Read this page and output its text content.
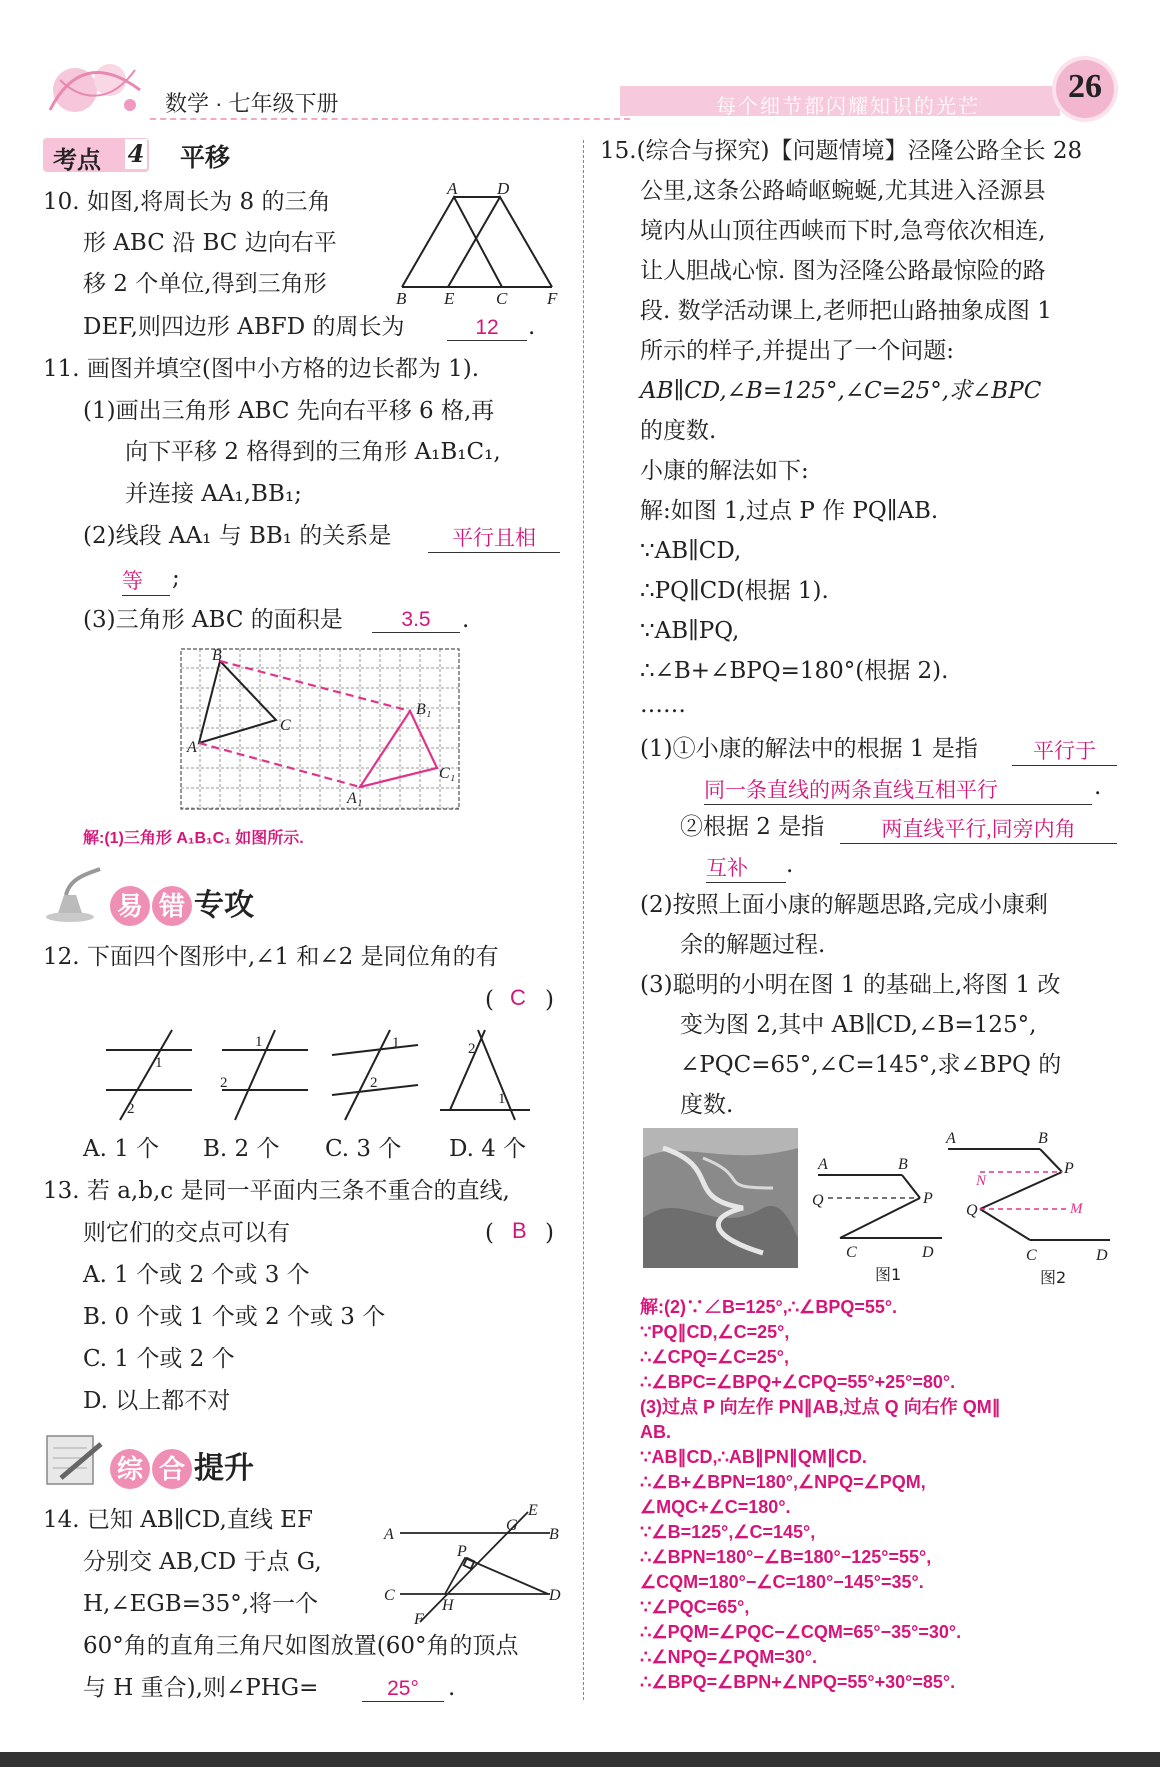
数学 · 七年级下册	每个细节都闪耀知识的光芒
26
考点 4 平移
10. 如图,将周长为 8 的三角
形 ABC 沿 BC 边向右平
移 2 个单位,得到三角形
DEF,则四边形 ABFD 的周长为	12	.
A D
B E C F
11. 画图并填空(图中小方格的边长都为 1).
(1)画出三角形 ABC 先向右平移 6 格,再
向下平移 2 格得到的三角形 A₁B₁C₁,
并连接 AA₁,BB₁;
(2)线段 AA₁ 与 BB₁ 的关系是	平行且相
等	;
(3)三角形 ABC 的面积是	3.5	.
B
A
C
B₁
C₁
A₁
解:(1)三角形 A₁B₁C₁ 如图所示.
易 错 专攻
12. 下面四个图形中,∠1 和∠2 是同位角的有
( C )
1
2
1
2
1
2
2
1
A. 1 个 B. 2 个 C. 3 个 D. 4 个
13. 若 a,b,c 是同一平面内三条不重合的直线,
则它们的交点可以有	( B )
A. 1 个或 2 个或 3 个
B. 0 个或 1 个或 2 个或 3 个
C. 1 个或 2 个
D. 以上都不对
综 合 提升
14. 已知 AB∥CD,直线 EF
分别交 AB,CD 于点 G,
H,∠EGB=35°,将一个
60°角的直角三角尺如图放置(60°角的顶点
与 H 重合),则∠PHG=	25°	.
A	B
C	D
E
F
G
H
P
15.(综合与探究)【问题情境】泾隆公路全长 28
公里,这条公路崎岖蜿蜒,尤其进入泾源县
境内从山顶往西峡而下时,急弯依次相连,
让人胆战心惊. 图为泾隆公路最惊险的路
段. 数学活动课上,老师把山路抽象成图 1
所示的样子,并提出了一个问题:
AB∥CD,∠B=125°,∠C=25°,求∠BPC
的度数.
小康的解法如下:
解:如图 1,过点 P 作 PQ∥AB.
∵AB∥CD,
∴PQ∥CD(根据 1).
∵AB∥PQ,
∴∠B+∠BPQ=180°(根据 2).
……
(1)①小康的解法中的根据 1 是指	平行于
同一条直线的两条直线互相平行	.
②根据 2 是指	两直线平行,同旁内角
互补	.
(2)按照上面小康的解题思路,完成小康剩
余的解题过程.
(3)聪明的小明在图 1 的基础上,将图 1 改
变为图 2,其中 AB∥CD,∠B=125°,
∠PQC=65°,∠C=145°,求∠BPQ 的
度数.
A	B
Q	P
C	D
图1
A	B
P
Q
C	D
N
M
图2
解:(2)∵∠B=125°,∴∠BPQ=55°.
∵PQ∥CD,∠C=25°,
∴∠CPQ=∠C=25°,
∴∠BPC=∠BPQ+∠CPQ=55°+25°=80°.
(3)过点 P 向左作 PN∥AB,过点 Q 向右作 QM∥
AB.
∵AB∥CD,∴AB∥PN∥QM∥CD.
∴∠B+∠BPN=180°,∠NPQ=∠PQM,
∠MQC+∠C=180°.
∵∠B=125°,∠C=145°,
∴∠BPN=180°−∠B=180°−125°=55°,
∠CQM=180°−∠C=180°−145°=35°.
∵∠PQC=65°,
∴∠PQM=∠PQC−∠CQM=65°−35°=30°.
∴∠NPQ=∠PQM=30°.
∴∠BPQ=∠BPN+∠NPQ=55°+30°=85°.
